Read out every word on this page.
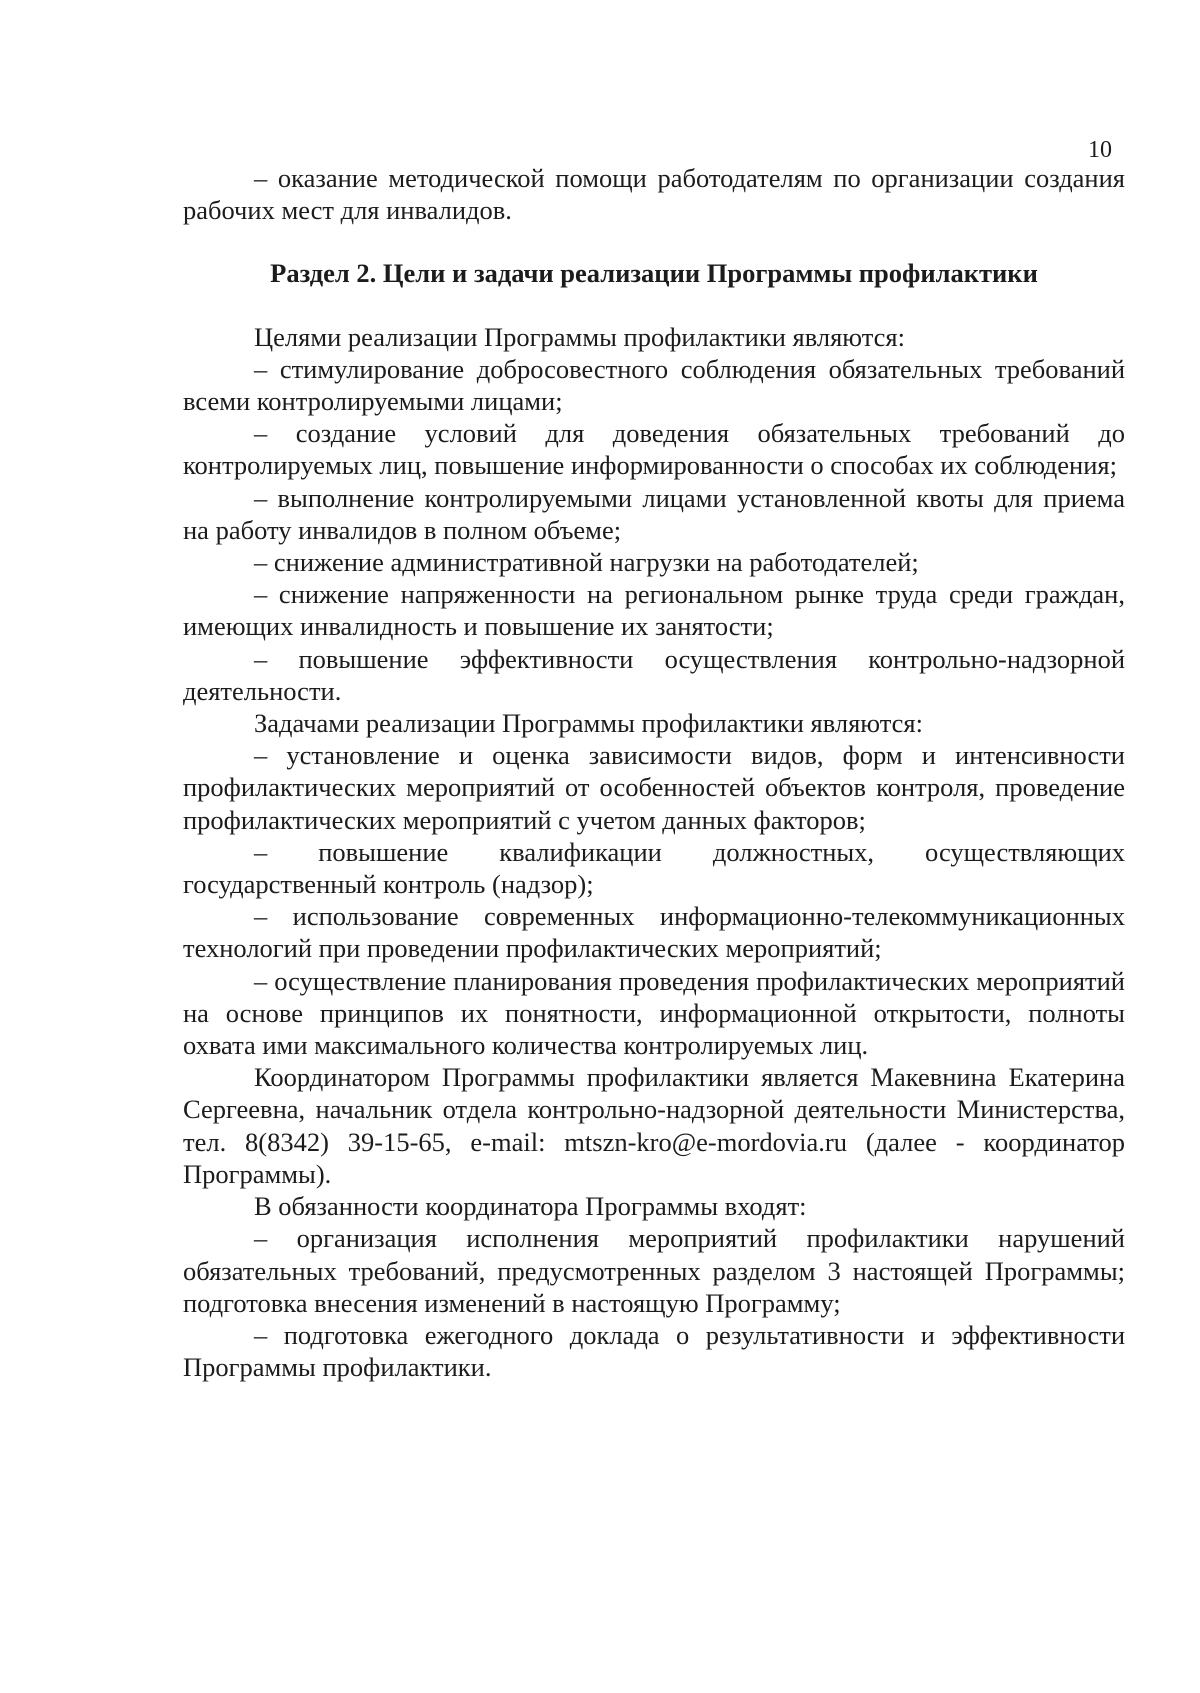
10

– оказание методической помощи работодателям по организации создания рабочих мест для инвалидов.

Раздел 2. Цели и задачи реализации Программы профилактики

Целями реализации Программы профилактики являются:

– стимулирование добросовестного соблюдения обязательных требований всеми контролируемыми лицами;

– создание условий для доведения обязательных требований до контролируемых лиц, повышение информированности о способах их соблюдения;

– выполнение контролируемыми лицами установленной квоты для приема на работу инвалидов в полном объеме;

– снижение административной нагрузки на работодателей;

– снижение напряженности на региональном рынке труда среди граждан, имеющих инвалидность и повышение их занятости;

– повышение эффективности осуществления контрольно-надзорной деятельности.

Задачами реализации Программы профилактики являются:

– установление и оценка зависимости видов, форм и интенсивности профилактических мероприятий от особенностей объектов контроля, проведение профилактических мероприятий с учетом данных факторов;

– повышение квалификации должностных, осуществляющих государственный контроль (надзор);

– использование современных информационно-телекоммуникационных технологий при проведении профилактических мероприятий;

– осуществление планирования проведения профилактических мероприятий на основе принципов их понятности, информационной открытости, полноты охвата ими максимального количества контролируемых лиц.

Координатором Программы профилактики является Макевнина Екатерина Сергеевна, начальник отдела контрольно-надзорной деятельности Министерства, тел. 8(8342) 39-15-65, e-mail: mtszn-kro@e-mordovia.ru (далее - координатор Программы).

В обязанности координатора Программы входят:

– организация исполнения мероприятий профилактики нарушений обязательных требований, предусмотренных разделом 3 настоящей Программы; подготовка внесения изменений в настоящую Программу;

– подготовка ежегодного доклада о результативности и эффективности Программы профилактики.
